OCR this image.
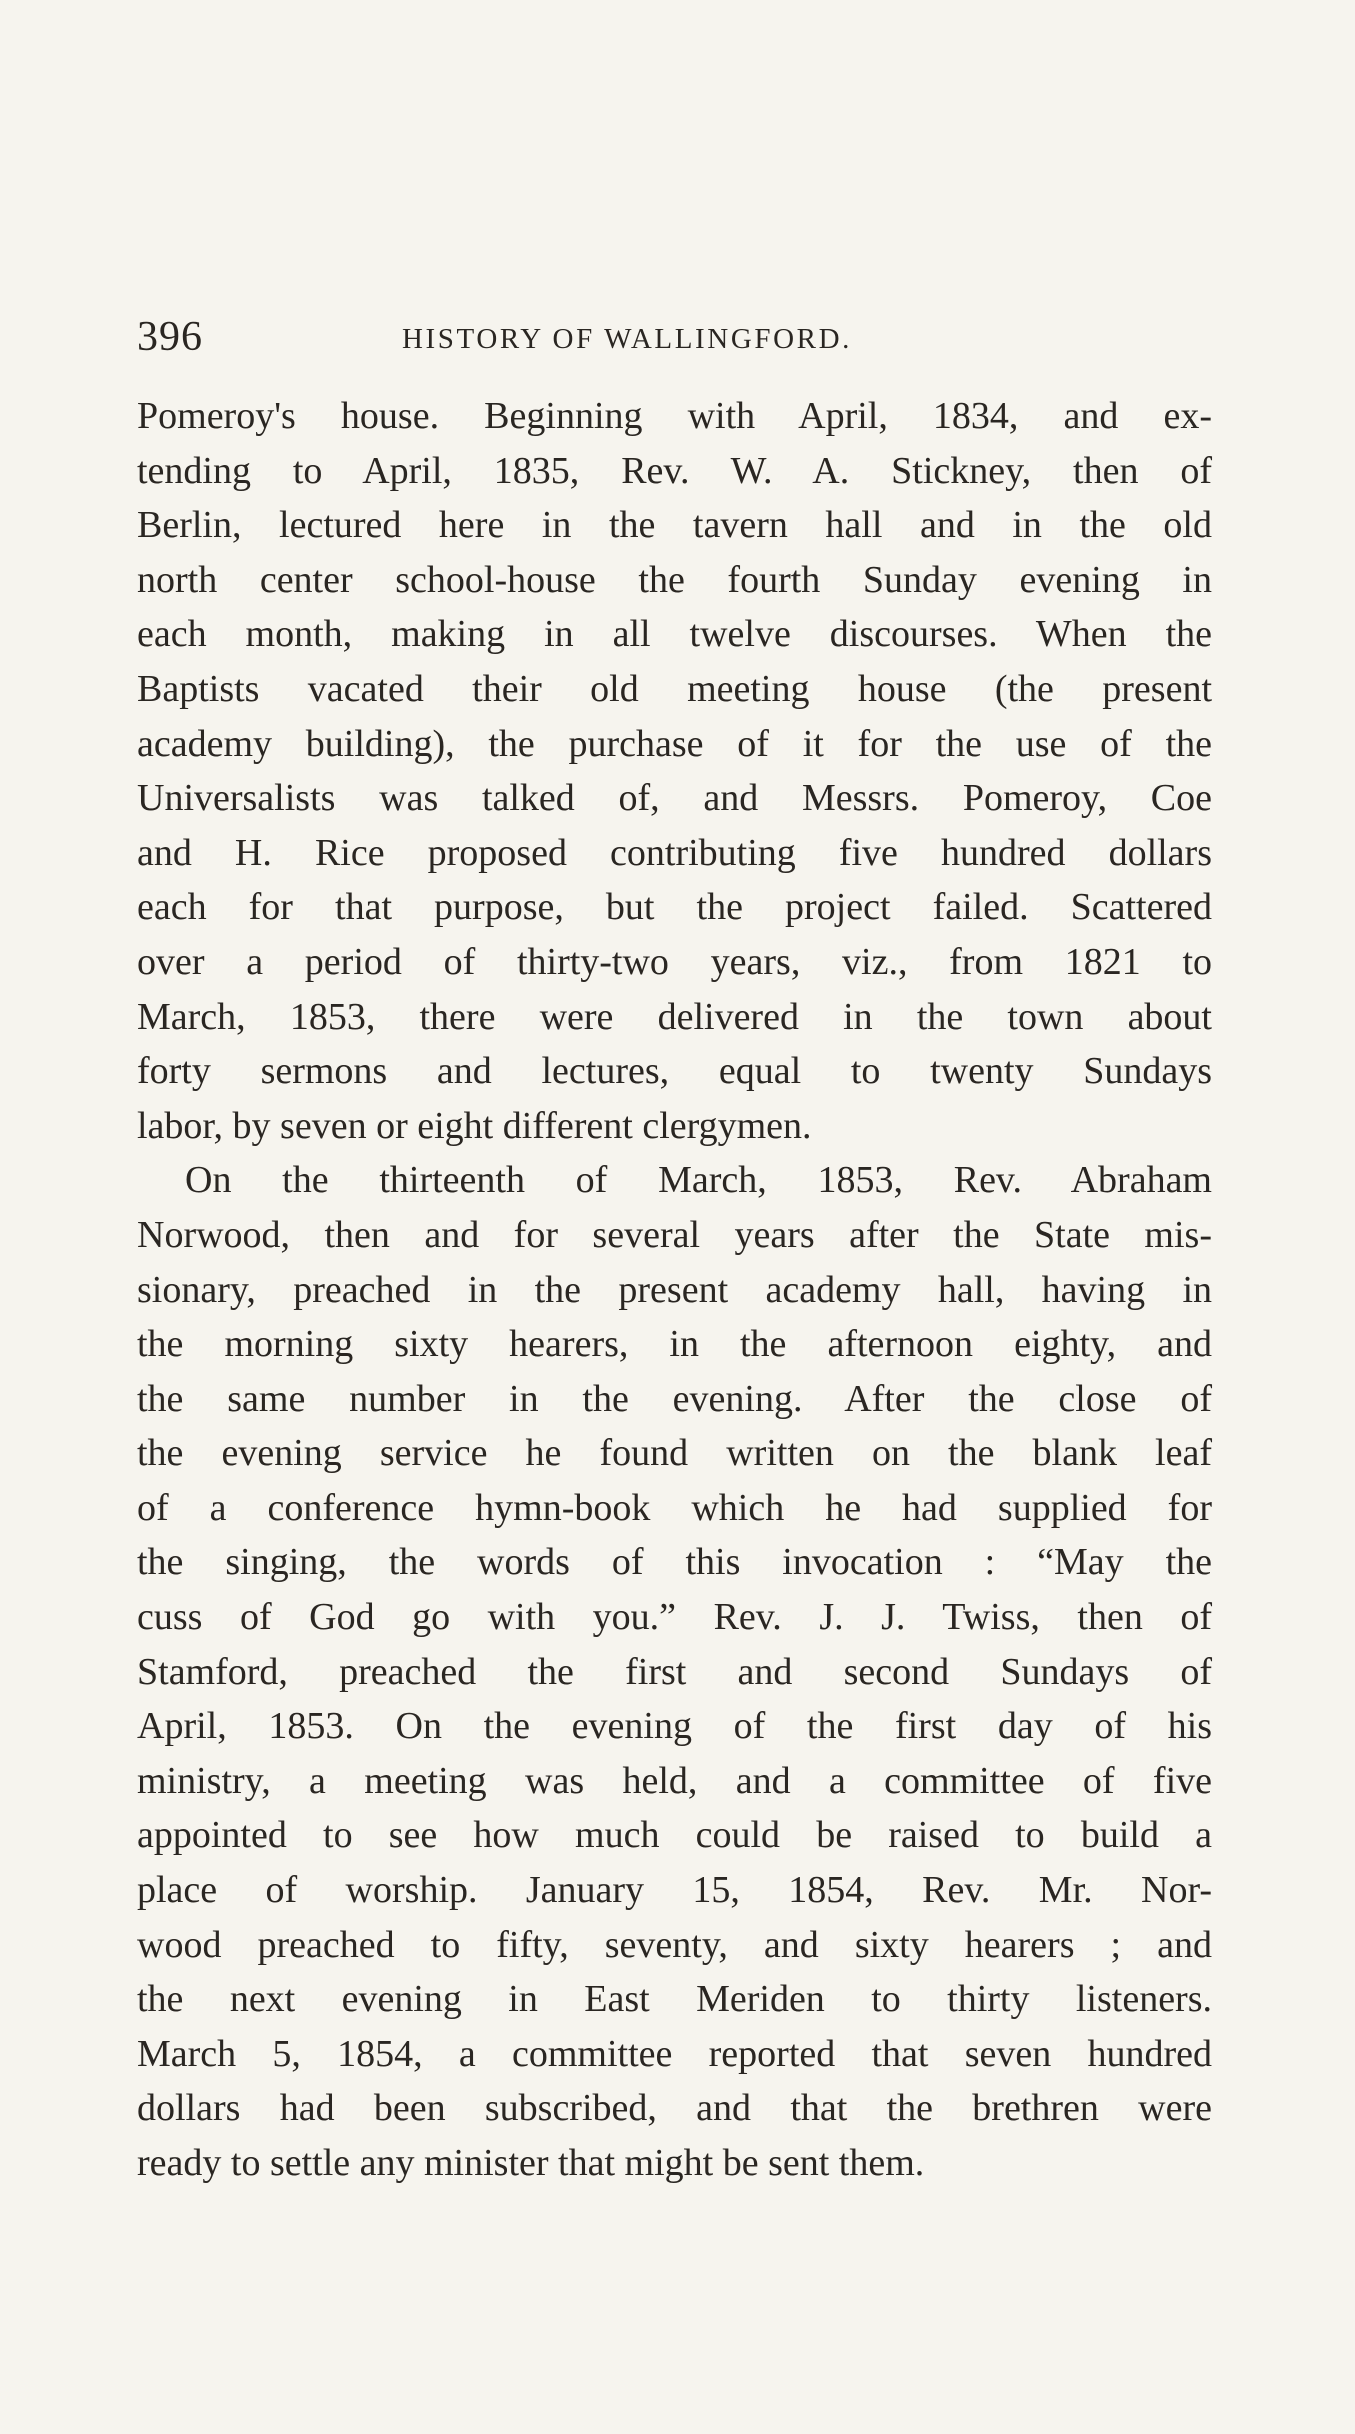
396	HISTORY OF WALLINGFORD.
Pomeroy's house. Beginning with April, 1834, and ex-
tending to April, 1835, Rev. W. A. Stickney, then of
Berlin, lectured here in the tavern hall and in the old
north center school-house the fourth Sunday evening in
each month, making in all twelve discourses. When the
Baptists vacated their old meeting house (the present
academy building), the purchase of it for the use of the
Universalists was talked of, and Messrs. Pomeroy, Coe
and H. Rice proposed contributing five hundred dollars
each for that purpose, but the project failed. Scattered
over a period of thirty-two years, viz., from 1821 to
March, 1853, there were delivered in the town about
forty sermons and lectures, equal to twenty Sundays
labor, by seven or eight different clergymen.
On the thirteenth of March, 1853, Rev. Abraham
Norwood, then and for several years after the State mis-
sionary, preached in the present academy hall, having in
the morning sixty hearers, in the afternoon eighty, and
the same number in the evening. After the close of
the evening service he found written on the blank leaf
of a conference hymn-book which he had supplied for
the singing, the words of this invocation : “May the
cuss of God go with you.” Rev. J. J. Twiss, then of
Stamford, preached the first and second Sundays of
April, 1853. On the evening of the first day of his
ministry, a meeting was held, and a committee of five
appointed to see how much could be raised to build a
place of worship. January 15, 1854, Rev. Mr. Nor-
wood preached to fifty, seventy, and sixty hearers ; and
the next evening in East Meriden to thirty listeners.
March 5, 1854, a committee reported that seven hundred
dollars had been subscribed, and that the brethren were
ready to settle any minister that might be sent them.
